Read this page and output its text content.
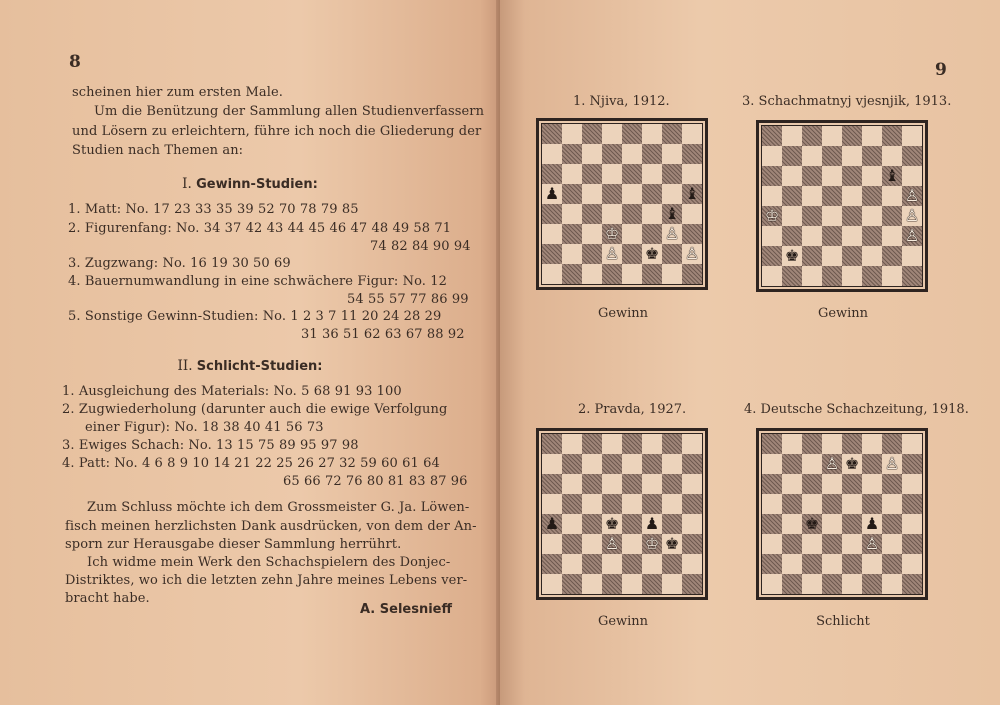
8
scheinen hier zum ersten Male.
Um die Benützung der Sammlung allen Studienverfassern
und Lösern zu erleichtern, führe ich noch die Gliederung der
Studien nach Themen an:
I. Gewinn-Studien:
1. Matt: No. 17 23 33 35 39 52 70 78 79 85
2. Figurenfang: No. 34 37 42 43 44 45 46 47 48 49 58 71
74 82 84 90 94
3. Zugzwang: No. 16 19 30 50 69
4. Bauernumwandlung in eine schwächere Figur: No. 12
54 55 57 77 86 99
5. Sonstige Gewinn-Studien: No. 1 2 3 7 11 20 24 28 29
31 36 51 62 63 67 88 92
II. Schlicht-Studien:
1. Ausgleichung des Materials: No. 5 68 91 93 100
2. Zugwiederholung (darunter auch die ewige Verfolgung
einer Figur): No. 18 38 40 41 56 73
3. Ewiges Schach: No. 13 15 75 89 95 97 98
4. Patt: No. 4 6 8 9 10 14 21 22 25 26 27 32 59 60 61 64
65 66 72 76 80 81 83 87 96
Zum Schluss möchte ich dem Grossmeister G. Ja. Löwen-
fisch meinen herzlichsten Dank ausdrücken, von dem der An-
sporn zur Herausgabe dieser Sammlung herrührt.
Ich widme mein Werk den Schachspielern des Donjec-
Distriktes, wo ich die letzten zehn Jahre meines Lebens ver-
bracht habe.
A. Selesnieff
9
1. Njiva, 1912.
♟	♝
♝
♔	♙
♙ ♚ ♙
Gewinn
3. Schachmatnyj vjesnjik, 1913.
♝
♙
♔	♙
♙
♚
Gewinn
2. Pravda, 1927.
♟	♚ ♟
♙ ♔ ♚
Gewinn
4. Deutsche Schachzeitung, 1918.
♙ ♚ ♙
♚	♟
♙
Schlicht
